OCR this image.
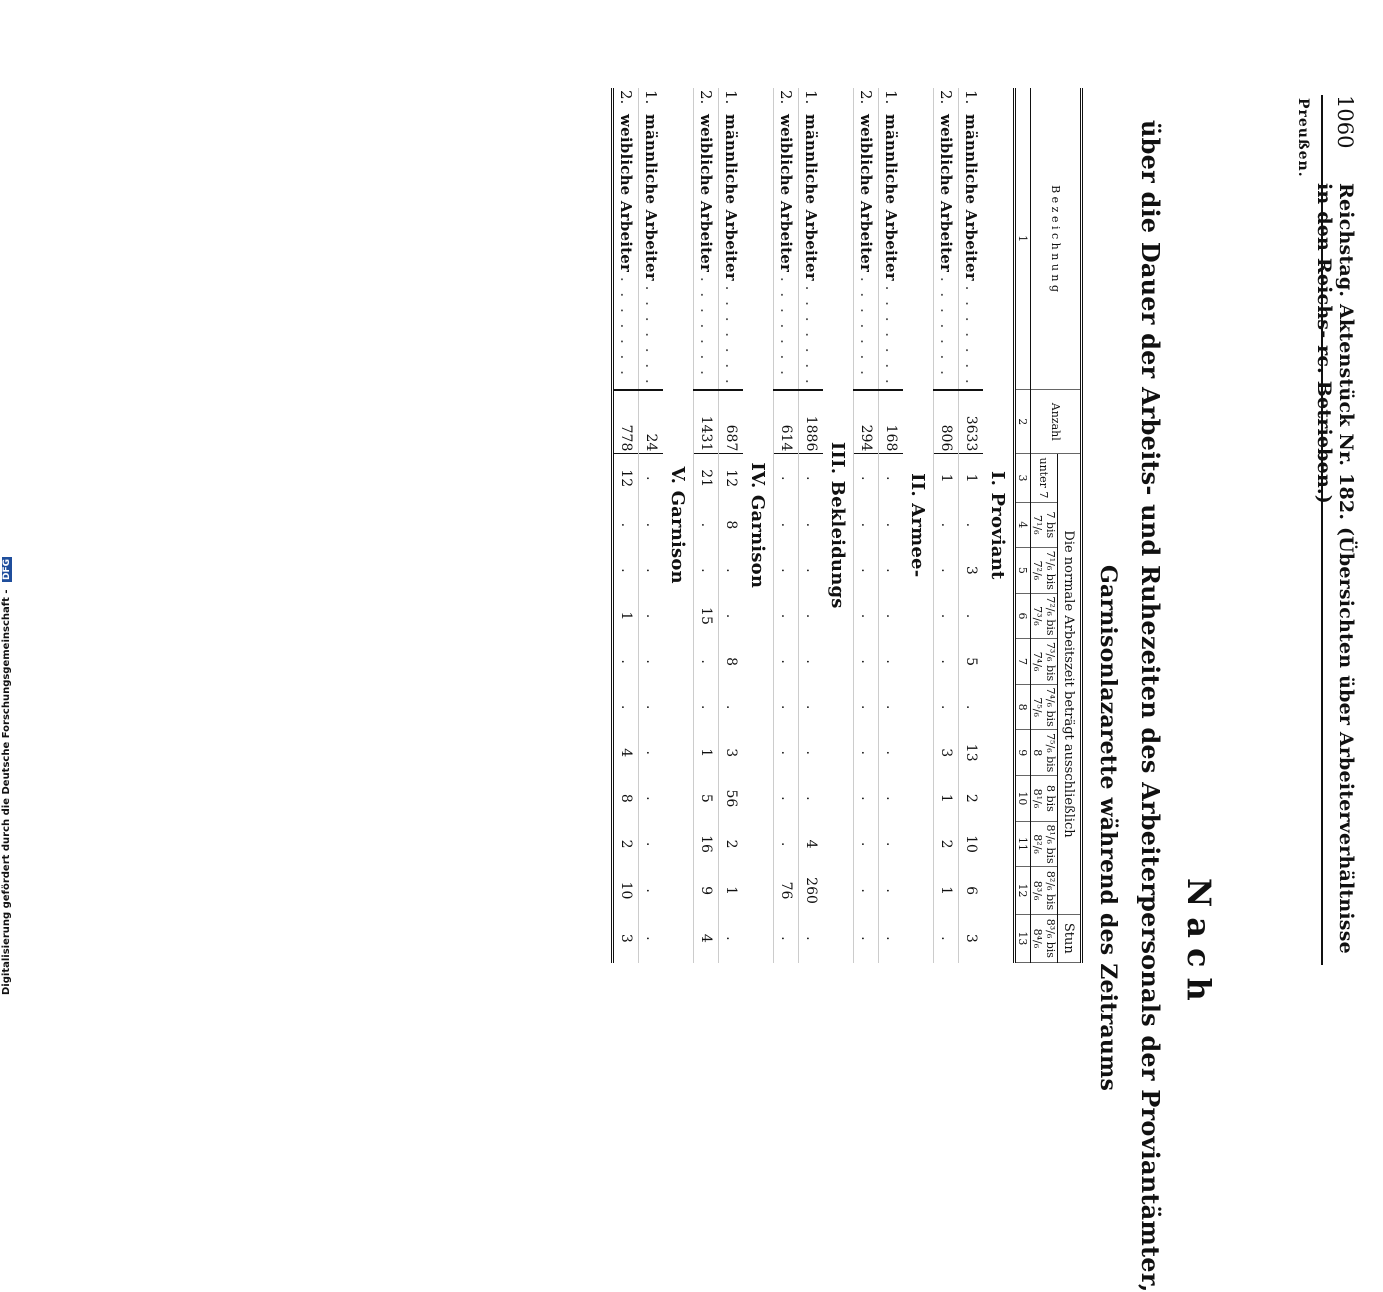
1060
Reichstag. Aktenstück Nr. 182. (Übersichten über Arbeiterverhältnisse in den Reichs- rc. Betrieben.)
Preußen.
Nach
über die Dauer der Arbeits- und Ruhezeiten des Arbeiterpersonals der Proviantämter,
Garnisonlazarette während des Zeitraums
B e z e i c h n u n g	Anzahl	Die normale Arbeitszeit beträgt ausschließlich										Stun
		unter 7	7 bis 7¹/₆	7¹/₆ bis 7²/₆	7²/₆ bis 7³/₆	7³/₆ bis 7⁴/₆	7⁴/₆ bis 7⁵/₆	7⁵/₆ bis 8	8 bis 8¹/₆	8¹/₆ bis 8²/₆	8²/₆ bis 8³/₆	8³/₆ bis 8⁴/₆
1	2	3	4	5	6	7	8	9	10	11	12	13
I. Proviant												
1.männliche Arbeiter . . . . . . .	3633	1	.	3	.	5	.	13	2	10	6	3
2.weibliche Arbeiter . . . . . . .	806	1	.	.	.	.	.	3	1	2	1	.
II. Armee-												
1.männliche Arbeiter . . . . . . .	168	.	.	.	.	.	.	.	.	.	.	.
2.weibliche Arbeiter . . . . . . .	294	.	.	.	.	.	.	.	.	.	.	.
III. Bekleidungs												
1.männliche Arbeiter . . . . . . .	1886	.	.	.	.	.	.	.	.	4	260	.
2.weibliche Arbeiter . . . . . . .	614	.	.	.	.	.	.	.	.	.	76	.
IV. Garnison												
1.männliche Arbeiter . . . . . . .	687	12	8	.	.	8	.	3	56	2	1	.
2.weibliche Arbeiter . . . . . . .	1431	21	.	.	15	.	.	1	5	16	9	4
V. Garnison												
1.männliche Arbeiter . . . . . . .	24	.	.	.	.	.	.	.	.	.	.	.
2.weibliche Arbeiter . . . . . . .	778	12	.	.	1	.	.	4	8	2	10	3
Digitalisierung gefördert durch die Deutsche Forschungsgemeinschaft - DFG
